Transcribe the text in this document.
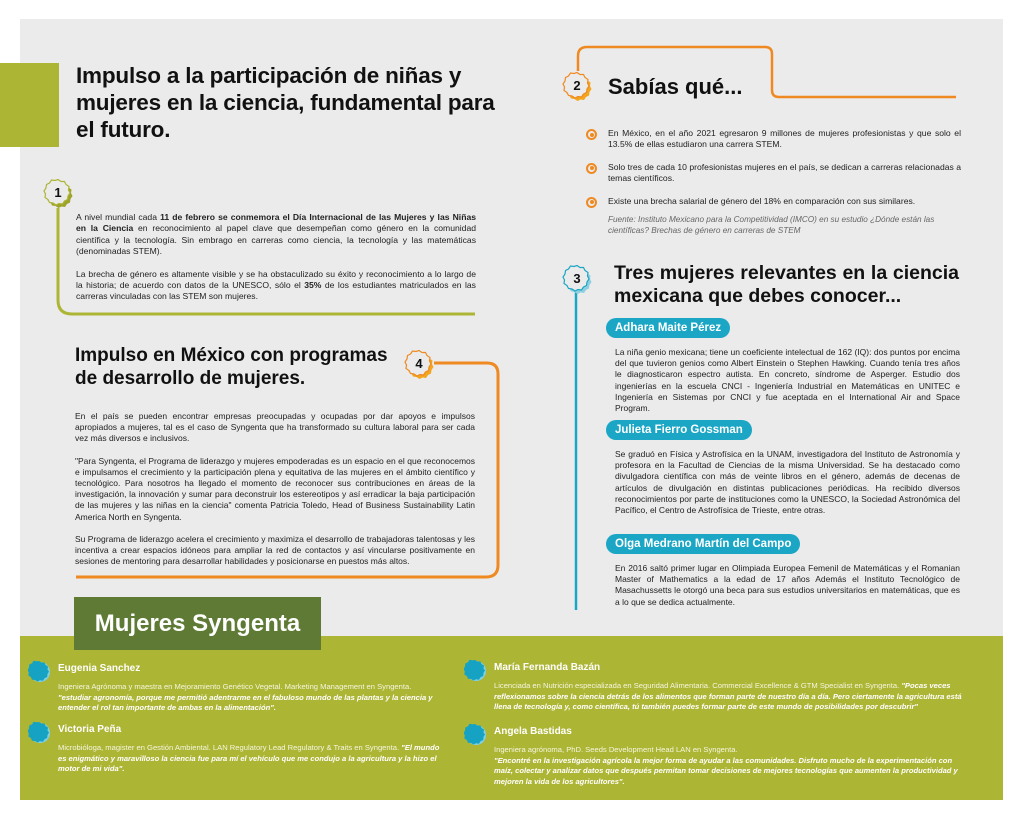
Impulso a la participación de niñas y mujeres en la ciencia, fundamental para el futuro.
1

A nivel mundial cada 11 de febrero se conmemora el Día Internacional de las Mujeres y las Niñas en la Ciencia en reconocimiento al papel clave que desempeñan como género en la comunidad científica y la tecnología. Sin embrago en carreras como ciencia, la tecnología y las matemáticas (denominadas STEM).

La brecha de género es altamente visible y se ha obstaculizado su éxito y reconocimiento a lo largo de la historia; de acuerdo con datos de la UNESCO, sólo el 35% de los estudiantes matriculados en las carreras vinculadas con las STEM son mujeres.

2	Sabías qué...
En México, en el año 2021 egresaron 9 millones de mujeres profesionistas y que solo el 13.5% de ellas estudiaron una carrera STEM.
Solo tres de cada 10 profesionistas mujeres en el país, se dedican a carreras relacionadas a temas científicos.
Existe una brecha salarial de género del 18% en comparación con sus similares.

Fuente: Instituto Mexicano para la Competitividad (IMCO) en su estudio ¿Dónde están las científicas? Brechas de género en carreras de STEM

3	Tres mujeres relevantes en la ciencia mexicana que debes conocer...
Adhara Maite Pérez

La niña genio mexicana; tiene un coeficiente intelectual de 162 (IQ): dos puntos por encima del que tuvieron genios como Albert Einstein o Stephen Hawking. Cuando tenía tres años le diagnosticaron espectro autista. En concreto, síndrome de Asperger. Estudio dos ingenierías en la escuela CNCI - Ingeniería Industrial en Matemáticas en UNITEC e Ingeniería en Sistemas por CNCI y fue aceptada en el International Air and Space Program.

Julieta Fierro Gossman

Se graduó en Física y Astrofísica en la UNAM, investigadora del Instituto de Astronomía y profesora en la Facultad de Ciencias de la misma Universidad. Se ha destacado como divulgadora científica con más de veinte libros en el género, además de decenas de artículos de divulgación en distintas publicaciones periódicas. Ha recibido diversos reconocimientos por parte de instituciones como la UNESCO, la Sociedad Astronómica del Pacífico, el Centro de Astrofísica de Trieste, entre otras.

Olga Medrano Martín del Campo

En 2016 saltó primer lugar en Olimpiada Europea Femenil de Matemáticas y el Romanian Master of Mathematics a la edad de 17 años Además el Instituto Tecnológico de Masachussetts le otorgó una beca para sus estudios universitarios en matemáticas, que es a lo que se dedica actualmente.

Impulso en México con programas de desarrollo de mujeres.
4

En el país se pueden encontrar empresas preocupadas y ocupadas por dar apoyos e impulsos apropiados a mujeres, tal es el caso de Syngenta que ha transformado su cultura laboral para ser cada vez más diversos e inclusivos.

"Para Syngenta, el Programa de liderazgo y mujeres empoderadas es un espacio en el que reconocemos e impulsamos el crecimiento y la participación plena y equitativa de las mujeres en el ámbito científico y tecnológico. Para nosotros ha llegado el momento de reconocer sus contribuciones en áreas de la investigación, la innovación y sumar para deconstruir los estereotipos y así erradicar la baja participación de las mujeres y las niñas en la ciencia" comenta Patricia Toledo, Head of Business Sustainability Latin America North en Syngenta.

Su Programa de liderazgo acelera el crecimiento y maximiza el desarrollo de trabajadoras talentosas y les incentiva a crear espacios idóneos para ampliar la red de contactos y así vincularse positivamente en sesiones de mentoring para desarrollar habilidades y posicionarse en puestos más altos.

Mujeres Syngenta
Eugenia Sanchez
Ingeniera Agrónoma y maestra en Mejoramiento Genético Vegetal. Marketing Management en Syngenta. "estudiar agronomía, porque me permitió adentrarme en el fabuloso mundo de las plantas y la ciencia y entender el rol tan importante de ambas en la alimentación".
Victoria Peña
Microbióloga, magister en Gestión Ambiental. LAN Regulatory Lead Regulatory & Traits en Syngenta. "El mundo es enigmático y maravilloso la ciencia fue para mí el vehículo que me condujo a la agricultura y la hizo el motor de mi vida".
María Fernanda Bazán
Licenciada en Nutrición especializada en Seguridad Alimentaria. Commercial Excellence & GTM Specialist en Syngenta. "Pocas veces reflexionamos sobre la ciencia detrás de los alimentos que forman parte de nuestro día a día. Pero ciertamente la agricultura está llena de tecnología y, como científica, tú también puedes formar parte de este mundo de posibilidades por descubrir"
Angela Bastidas
Ingeniera agrónoma, PhD. Seeds Development Head LAN en Syngenta.
"Encontré en la investigación agrícola la mejor forma de ayudar a las comunidades. Disfruto mucho de la experimentación con maíz, colectar y analizar datos que después permitan tomar decisiones de mejores tecnologías que aumenten la productividad y mejoren la vida de los agricultores".
